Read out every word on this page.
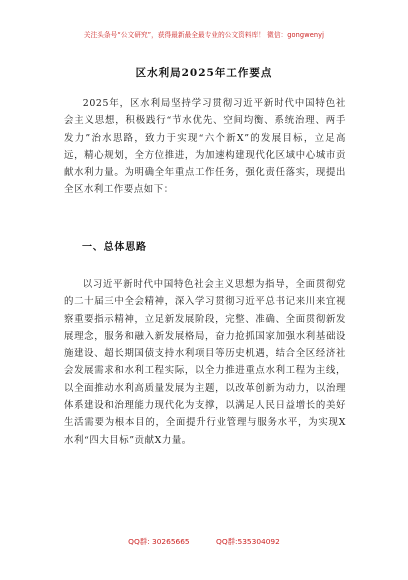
关注头条号“公文研究”，获得最新最全最专业的公文资料库！ 微信：gongwenyj
区水利局2025年工作要点

2025年，区水利局坚持学习贯彻习近平新时代中国特色社会主义思想，积极践行“节水优先、空间均衡、系统治理、两手发力”治水思路，致力于实现“六个新X”的发展目标，立足高远，精心规划，全方位推进，为加速构建现代化区域中心城市贡献水利力量。为明确全年重点工作任务，强化责任落实，现提出全区水利工作要点如下：

一、总体思路

以习近平新时代中国特色社会主义思想为指导，全面贯彻党的二十届三中全会精神，深入学习贯彻习近平总书记来川来宜视察重要指示精神，立足新发展阶段，完整、准确、全面贯彻新发展理念，服务和融入新发展格局，奋力抢抓国家加强水利基础设施建设、超长期国债支持水利项目等历史机遇，结合全区经济社会发展需求和水利工程实际，以全力推进重点水利工程为主线，以全面推动水利高质量发展为主题，以改革创新为动力，以治理体系建设和治理能力现代化为支撑，以满足人民日益增长的美好生活需要为根本目的，全面提升行业管理与服务水平，为实现X水利“四大目标”贡献X力量。

QQ群: 30265665	QQ群:535304092
